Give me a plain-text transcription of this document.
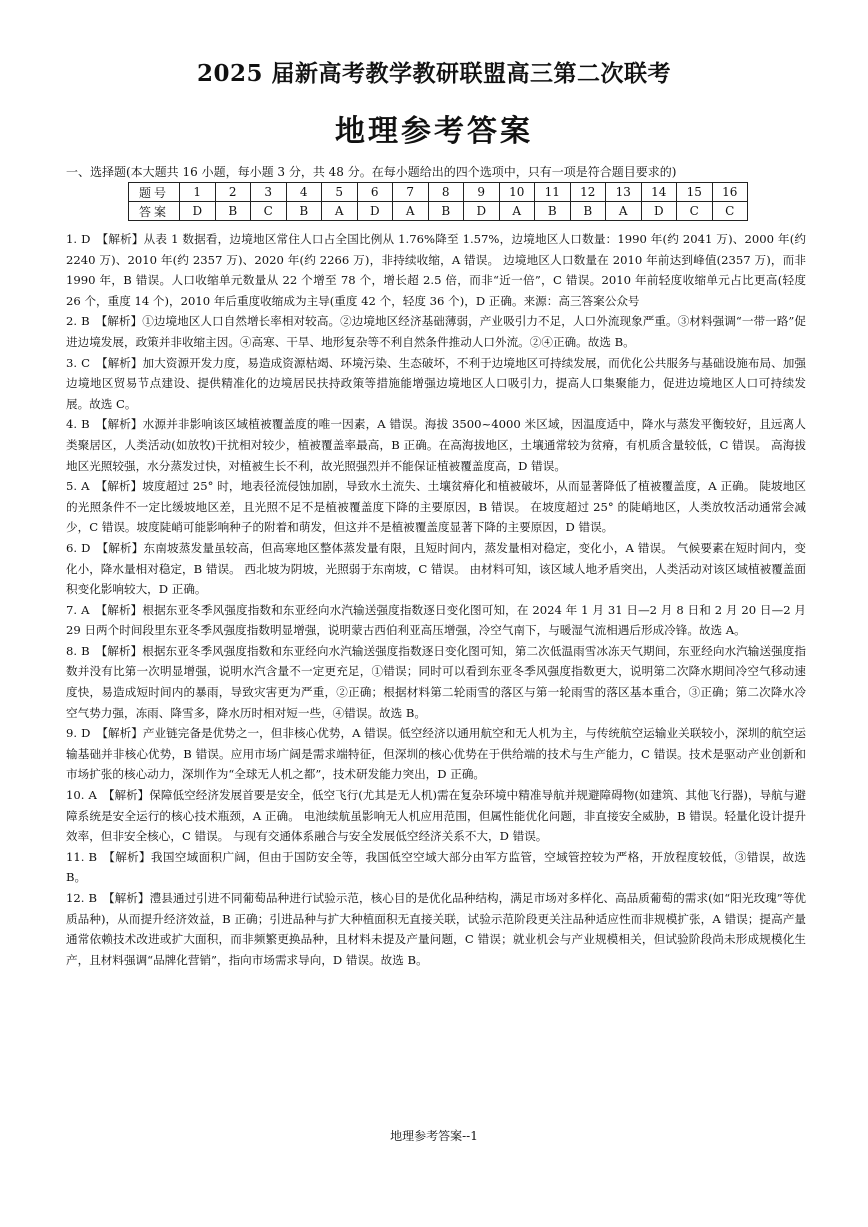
2025 届新高考教学教研联盟高三第二次联考
地理参考答案
一、选择题(本大题共 16 小题，每小题 3 分，共 48 分。在每小题给出的四个选项中，只有一项是符合题目要求的)
题号	1	2	3	4	5	6	7	8	9	10	11	12	13	14	15	16
答案	D	B	C	B	A	D	A	B	D	A	B	B	A	D	C	C

1. D 【解析】从表 1 数据看，边境地区常住人口占全国比例从 1.76%降至 1.57%，边境地区人口数量：1990 年(约 2041 万)、2000 年(约 2240 万)、2010 年(约 2357 万)、2020 年(约 2266 万)，非持续收缩，A 错误。 边境地区人口数量在 2010 年前达到峰值(2357 万)，而非 1990 年，B 错误。人口收缩单元数量从 22 个增至 78 个，增长超 2.5 倍，而非“近一倍”，C 错误。2010 年前轻度收缩单元占比更高(轻度 26 个，重度 14 个)，2010 年后重度收缩成为主导(重度 42 个，轻度 36 个)，D 正确。来源：高三答案公众号

2. B 【解析】①边境地区人口自然增长率相对较高。②边境地区经济基础薄弱，产业吸引力不足，人口外流现象严重。③材料强调“一带一路”促进边境发展，政策并非收缩主因。④高寒、干旱、地形复杂等不利自然条件推动人口外流。②④正确。故选 B。

3. C 【解析】加大资源开发力度，易造成资源枯竭、环境污染、生态破坏，不利于边境地区可持续发展，而优化公共服务与基础设施布局、加强边境地区贸易节点建设、提供精准化的边境居民扶持政策等措施能增强边境地区人口吸引力，提高人口集聚能力，促进边境地区人口可持续发展。故选 C。

4. B 【解析】水源并非影响该区域植被覆盖度的唯一因素，A 错误。海拔 3500~4000 米区域，因温度适中，降水与蒸发平衡较好，且远离人类聚居区，人类活动(如放牧)干扰相对较少，植被覆盖率最高，B 正确。在高海拔地区，土壤通常较为贫瘠，有机质含量较低，C 错误。 高海拔地区光照较强，水分蒸发过快，对植被生长不利，故光照强烈并不能保证植被覆盖度高，D 错误。

5. A 【解析】坡度超过 25° 时，地表径流侵蚀加剧，导致水土流失、土壤贫瘠化和植被破坏，从而显著降低了植被覆盖度，A 正确。 陡坡地区的光照条件不一定比缓坡地区差，且光照不足不是植被覆盖度下降的主要原因，B 错误。 在坡度超过 25° 的陡峭地区，人类放牧活动通常会减少，C 错误。坡度陡峭可能影响种子的附着和萌发，但这并不是植被覆盖度显著下降的主要原因，D 错误。

6. D 【解析】东南坡蒸发量虽较高，但高寒地区整体蒸发量有限，且短时间内，蒸发量相对稳定，变化小，A 错误。 气候要素在短时间内，变化小，降水量相对稳定，B 错误。 西北坡为阴坡，光照弱于东南坡，C 错误。 由材料可知，该区域人地矛盾突出，人类活动对该区域植被覆盖面积变化影响较大，D 正确。

7. A 【解析】根据东亚冬季风强度指数和东亚经向水汽输送强度指数逐日变化图可知，在 2024 年 1 月 31 日—2 月 8 日和 2 月 20 日—2 月 29 日两个时间段里东亚冬季风强度指数明显增强，说明蒙古西伯利亚高压增强，冷空气南下，与暖湿气流相遇后形成冷锋。故选 A。

8. B 【解析】根据东亚冬季风强度指数和东亚经向水汽输送强度指数逐日变化图可知，第二次低温雨雪冰冻天气期间，东亚经向水汽输送强度指数并没有比第一次明显增强，说明水汽含量不一定更充足，①错误；同时可以看到东亚冬季风强度指数更大，说明第二次降水期间冷空气移动速度快，易造成短时间内的暴雨，导致灾害更为严重，②正确；根据材料第二轮雨雪的落区与第一轮雨雪的落区基本重合，③正确；第二次降水冷空气势力强，冻雨、降雪多，降水历时相对短一些，④错误。故选 B。

9. D 【解析】产业链完备是优势之一，但非核心优势，A 错误。低空经济以通用航空和无人机为主，与传统航空运输业关联较小，深圳的航空运输基础并非核心优势，B 错误。应用市场广阔是需求端特征，但深圳的核心优势在于供给端的技术与生产能力，C 错误。技术是驱动产业创新和市场扩张的核心动力，深圳作为“全球无人机之都”，技术研发能力突出，D 正确。

10. A 【解析】保障低空经济发展首要是安全，低空飞行(尤其是无人机)需在复杂环境中精准导航并规避障碍物(如建筑、其他飞行器)，导航与避障系统是安全运行的核心技术瓶颈，A 正确。 电池续航虽影响无人机应用范围，但属性能优化问题，非直接安全威胁，B 错误。轻量化设计提升效率，但非安全核心，C 错误。 与现有交通体系融合与安全发展低空经济关系不大，D 错误。

11. B 【解析】我国空域面积广阔，但由于国防安全等，我国低空空域大部分由军方监管，空域管控较为严格，开放程度较低，③错误，故选 B。

12. B 【解析】澧县通过引进不同葡萄品种进行试验示范，核心目的是优化品种结构，满足市场对多样化、高品质葡萄的需求(如“阳光玫瑰”等优质品种)，从而提升经济效益，B 正确；引进品种与扩大种植面积无直接关联，试验示范阶段更关注品种适应性而非规模扩张，A 错误；提高产量通常依赖技术改进或扩大面积，而非频繁更换品种，且材料未提及产量问题，C 错误；就业机会与产业规模相关，但试验阶段尚未形成规模化生产，且材料强调“品牌化营销”，指向市场需求导向，D 错误。故选 B。

地理参考答案--1
